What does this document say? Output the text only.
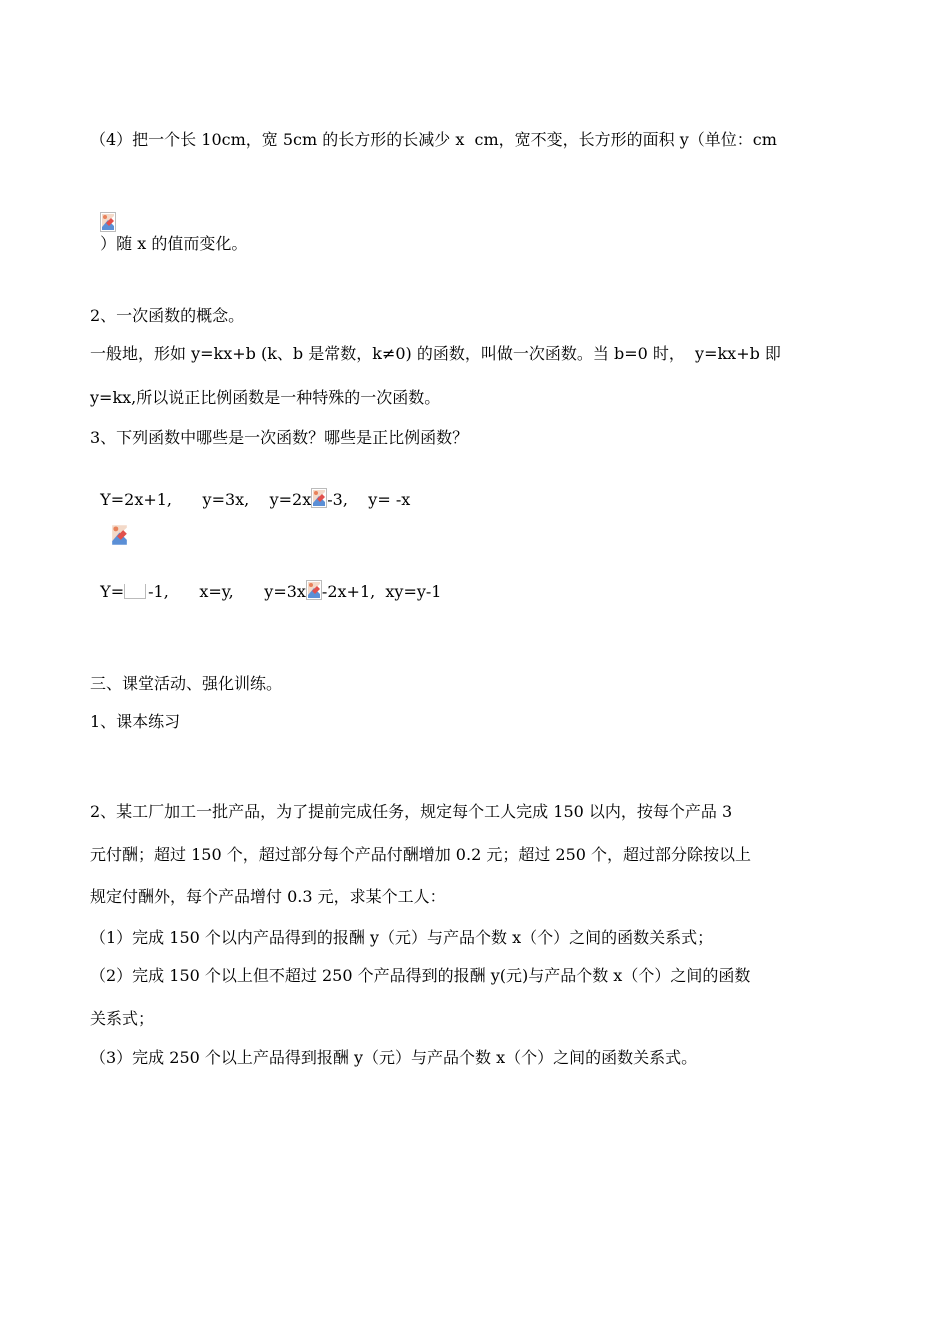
（4）把一个长 10cm，宽 5cm 的长方形的长减少 x  cm，宽不变，长方形的面积 y（单位：cm

）随 x 的值而变化。

2、一次函数的概念。
一般地，形如 y=kx+b (k、b 是常数，k≠0) 的函数，叫做一次函数。当 b=0 时，  y=kx+b 即
y=kx,所以说正比例函数是一种特殊的一次函数。
3、下列函数中哪些是一次函数？哪些是正比例函数？

Y=2x+1,      y=3x,    y=2x -3,    y= -x

Y= -1,      x=y,      y=3x -2x+1,  xy=y-1

三、课堂活动、强化训练。
1、课本练习
2、某工厂加工一批产品，为了提前完成任务，规定每个工人完成 150 以内，按每个产品 3
元付酬；超过 150 个，超过部分每个产品付酬增加 0.2 元；超过 250 个，超过部分除按以上
规定付酬外，每个产品增付 0.3 元，求某个工人：
（1）完成 150 个以内产品得到的报酬 y（元）与产品个数 x（个）之间的函数关系式；
（2）完成 150 个以上但不超过 250 个产品得到的报酬 y(元)与产品个数 x（个）之间的函数
关系式；
（3）完成 250 个以上产品得到报酬 y（元）与产品个数 x（个）之间的函数关系式。
